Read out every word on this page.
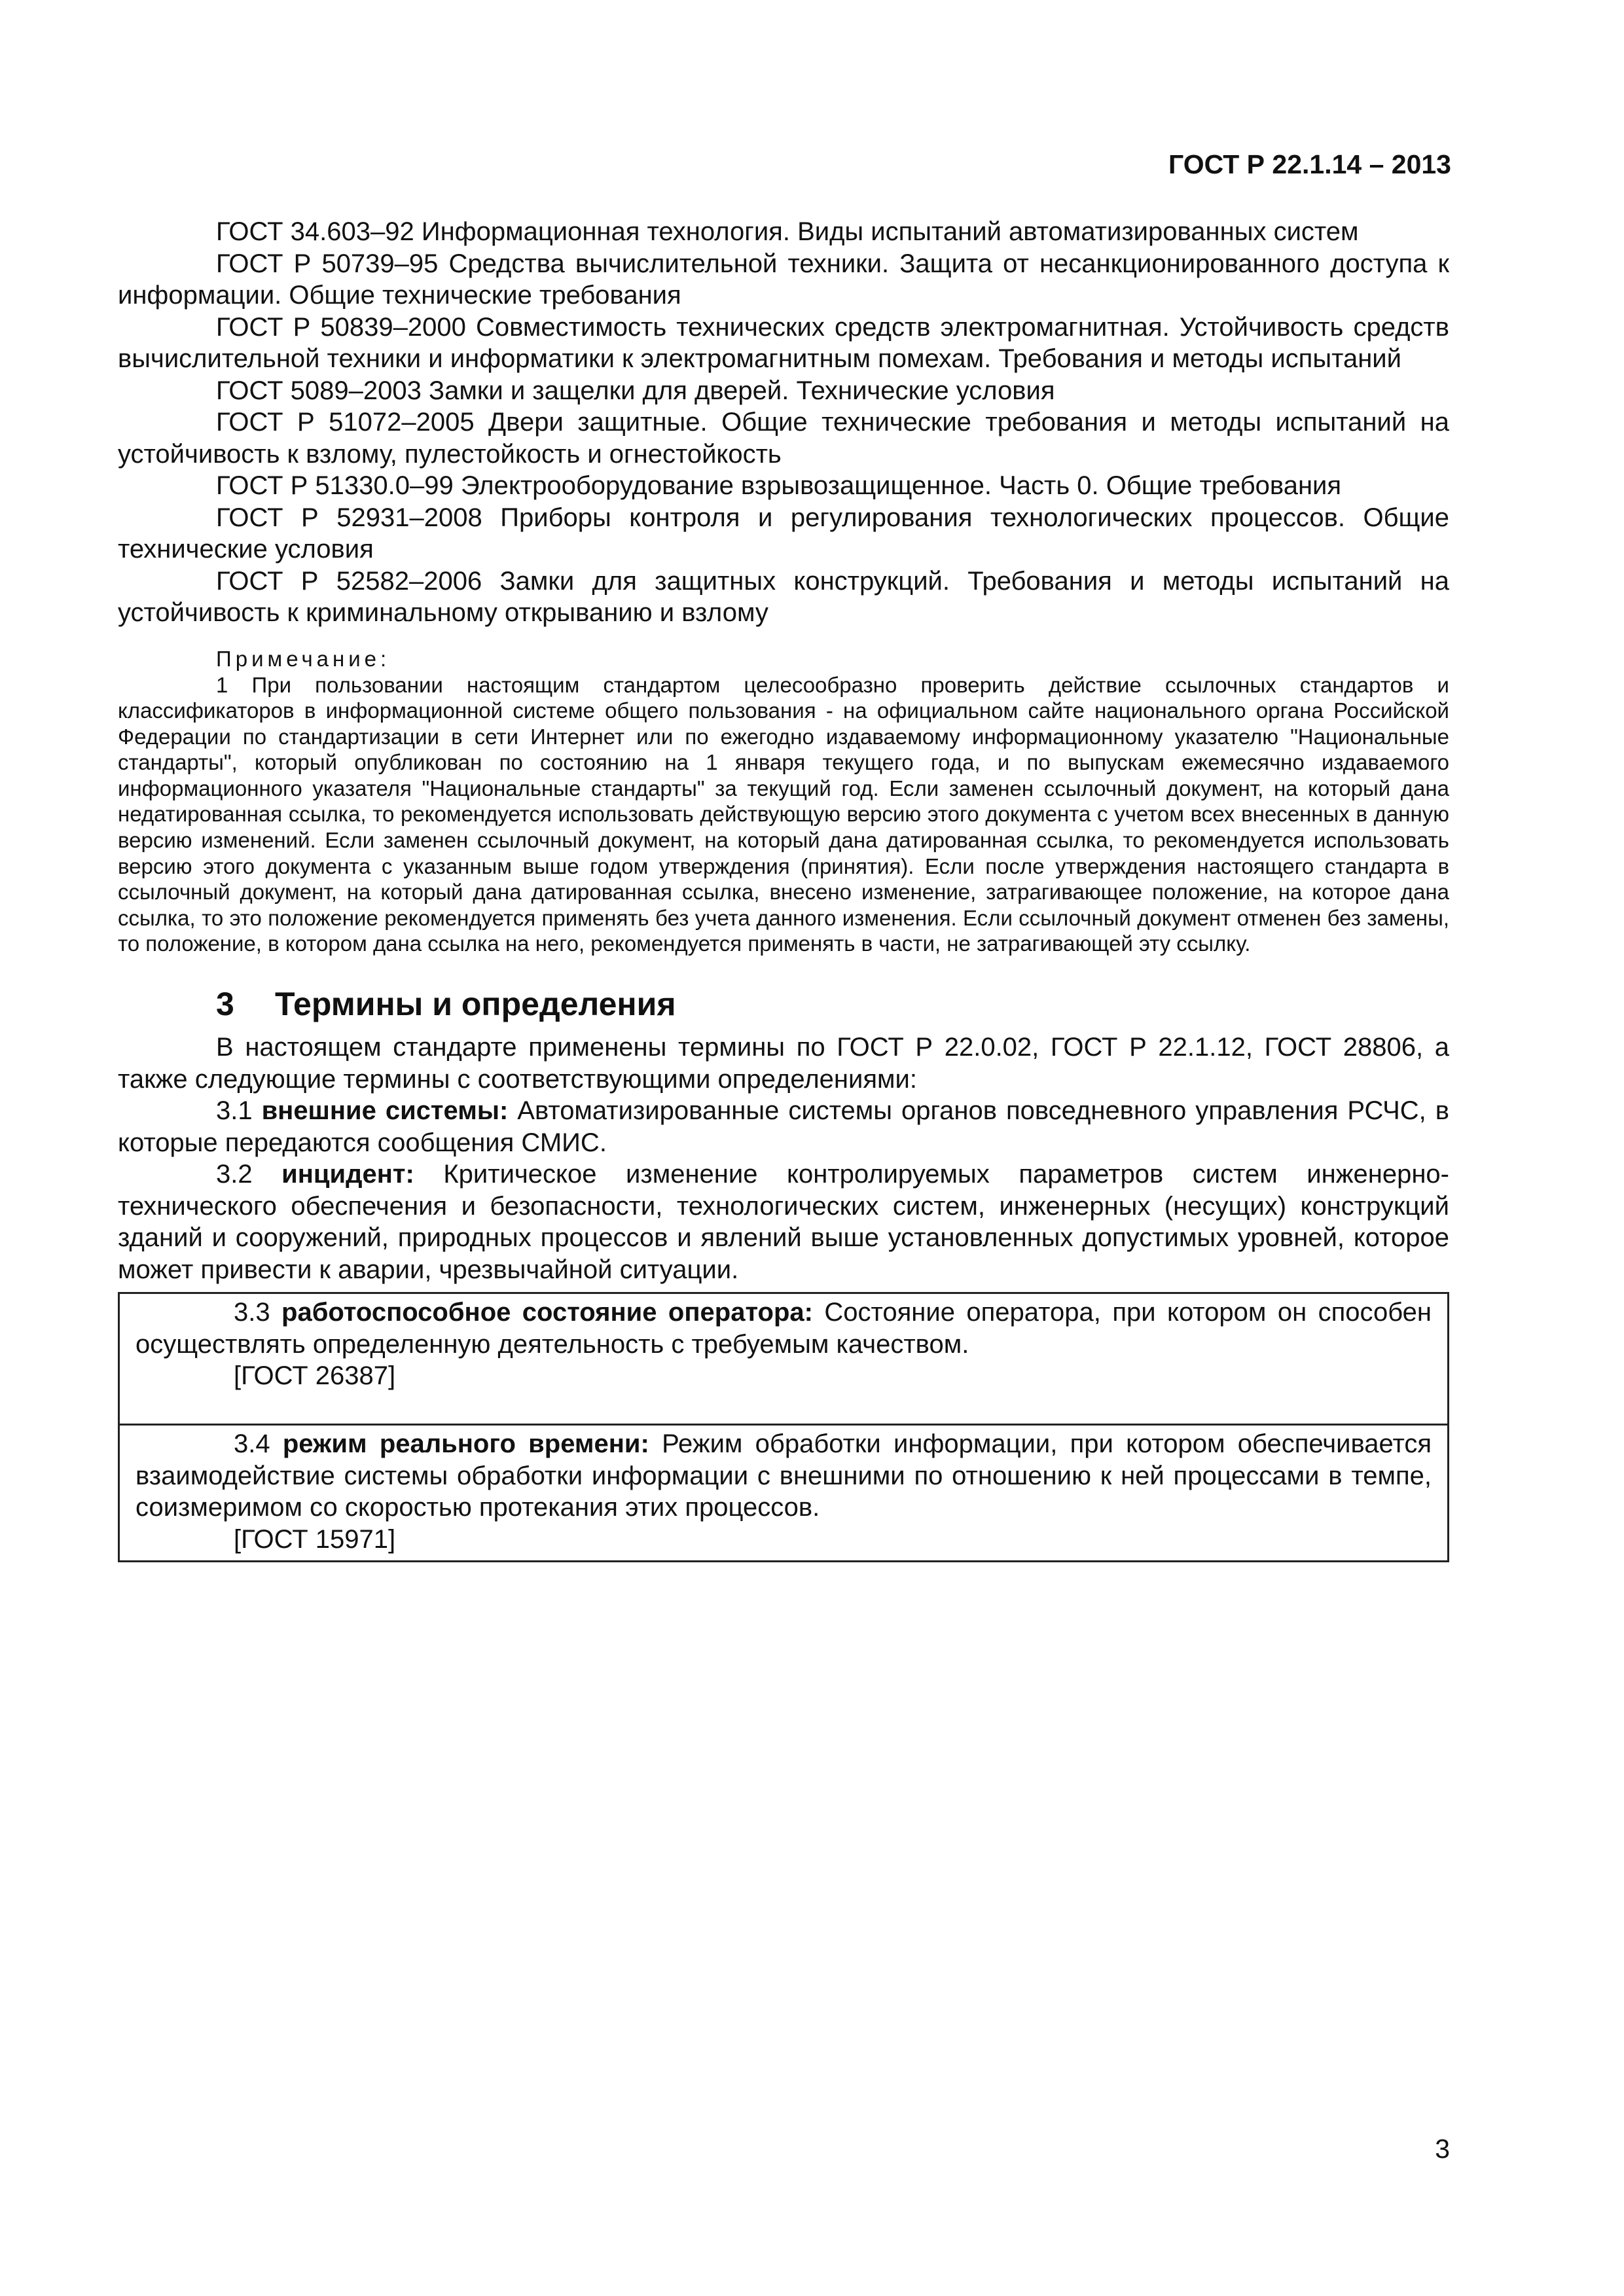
ГОСТ Р 22.1.14 – 2013

ГОСТ 34.603–92 Информационная технология. Виды испытаний автоматизированных систем

ГОСТ Р 50739–95 Средства вычислительной техники. Защита от несанкционированного доступа к информации. Общие технические требования

ГОСТ Р 50839–2000 Совместимость технических средств электромагнитная. Устойчивость средств вычислительной техники и информатики к электромагнитным помехам. Требования и методы испытаний

ГОСТ 5089–2003 Замки и защелки для дверей. Технические условия

ГОСТ Р 51072–2005 Двери защитные. Общие технические требования и методы испытаний на устойчивость к взлому, пулестойкость и огнестойкость

ГОСТ Р 51330.0–99 Электрооборудование взрывозащищенное. Часть 0. Общие требования

ГОСТ Р 52931–2008 Приборы контроля и регулирования технологических процессов. Общие технические условия

ГОСТ Р 52582–2006 Замки для защитных конструкций. Требования и методы испытаний на устойчивость к криминальному открыванию и взлому

Примечание:

1 При пользовании настоящим стандартом целесообразно проверить действие ссылочных стандартов и классификаторов в информационной системе общего пользования - на официальном сайте национального органа Российской Федерации по стандартизации в сети Интернет или по ежегодно издаваемому информационному указателю "Национальные стандарты", который опубликован по состоянию на 1 января текущего года, и по выпускам ежемесячно издаваемого информационного указателя "Национальные стандарты" за текущий год. Если заменен ссылочный документ, на который дана недатированная ссылка, то рекомендуется использовать действующую версию этого документа с учетом всех внесенных в данную версию изменений. Если заменен ссылочный документ, на который дана датированная ссылка, то рекомендуется использовать версию этого документа с указанным выше годом утверждения (принятия). Если после утверждения настоящего стандарта в ссылочный документ, на который дана датированная ссылка, внесено изменение, затрагивающее положение, на которое дана ссылка, то это положение рекомендуется применять без учета данного изменения. Если ссылочный документ отменен без замены, то положение, в котором дана ссылка на него, рекомендуется применять в части, не затрагивающей эту ссылку.

3 Термины и определения

В настоящем стандарте применены термины по ГОСТ Р 22.0.02, ГОСТ Р 22.1.12, ГОСТ 28806, а также следующие термины с соответствующими определениями:

3.1 внешние системы: Автоматизированные системы органов повседневного управления РСЧС, в которые передаются сообщения СМИС.

3.2 инцидент: Критическое изменение контролируемых параметров систем инженерно-технического обеспечения и безопасности, технологических систем, инженерных (несущих) конструкций зданий и сооружений, природных процессов и явлений выше установленных допустимых уровней, которое может привести к аварии, чрезвычайной ситуации.

3.3 работоспособное состояние оператора: Состояние оператора, при котором он способен осуществлять определенную деятельность с требуемым качеством.

[ГОСТ 26387]

3.4 режим реального времени: Режим обработки информации, при котором обеспечивается взаимодействие системы обработки информации с внешними по отношению к ней процессами в темпе, соизмеримом со скоростью протекания этих процессов.

[ГОСТ 15971]

3
